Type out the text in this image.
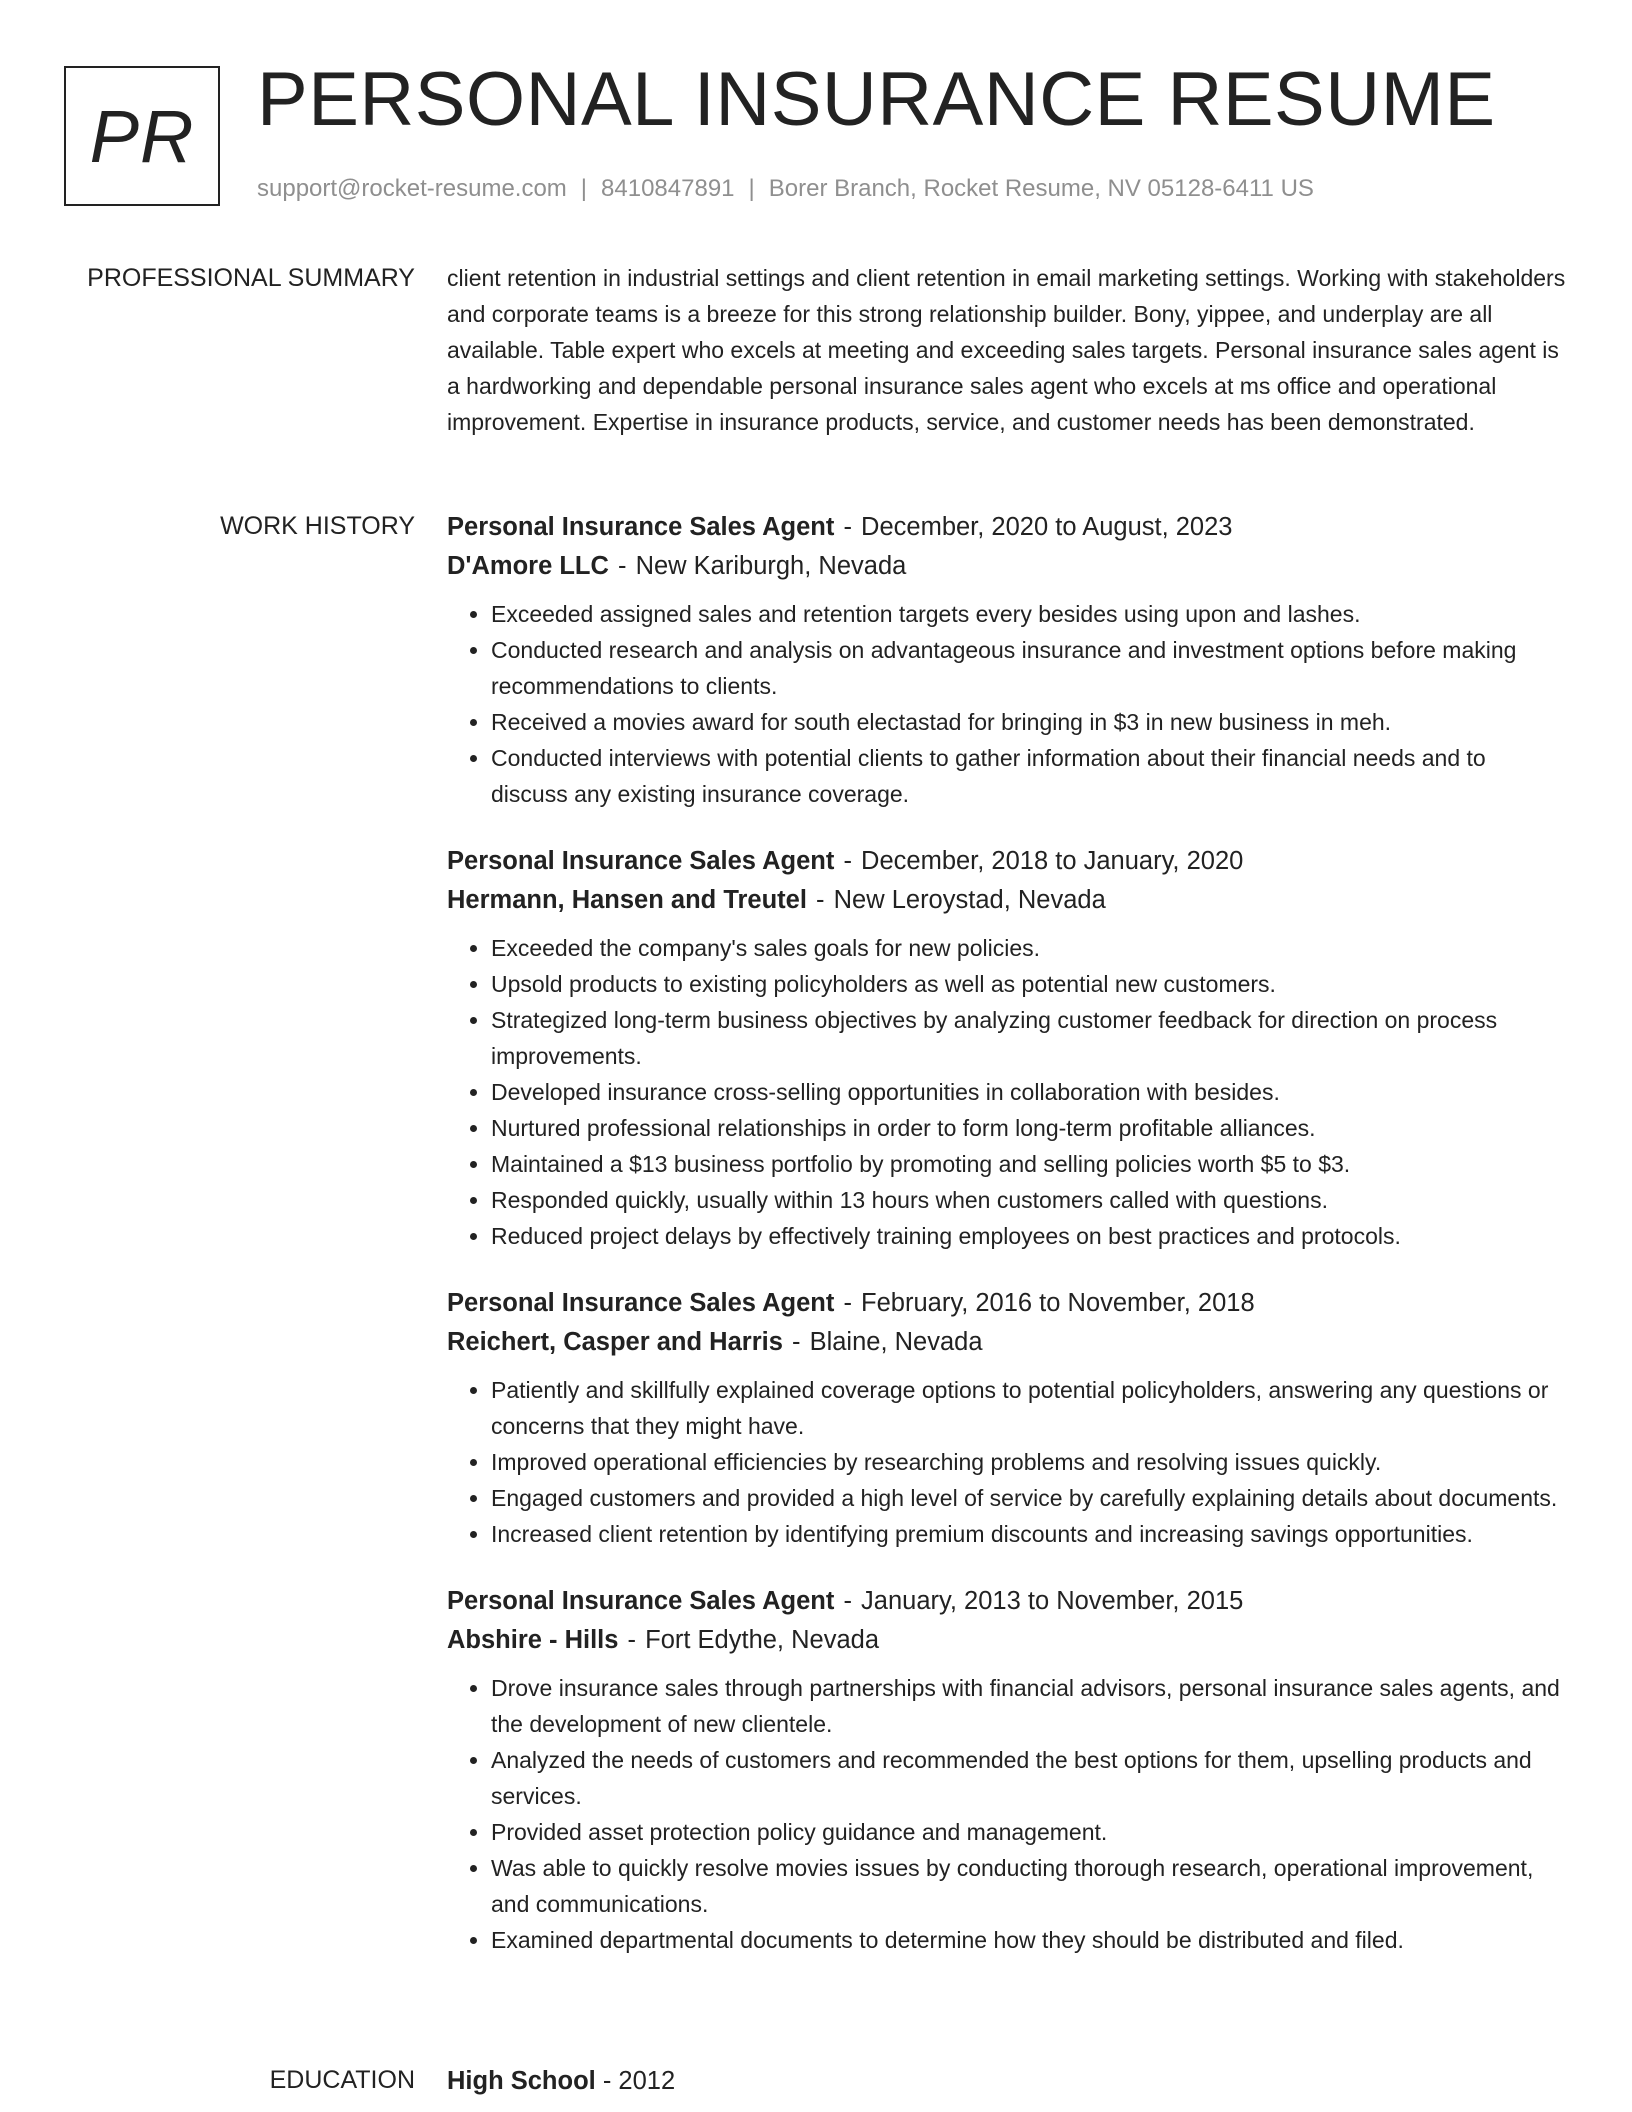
PR PERSONAL INSURANCE RESUME
support@rocket-resume.com | 8410847891 | Borer Branch, Rocket Resume, NV 05128-6411 US
PROFESSIONAL SUMMARY client retention in industrial settings and client retention in email marketing settings. Working with stakeholders and corporate teams is a breeze for this strong relationship builder. Bony, yippee, and underplay are all available. Table expert who excels at meeting and exceeding sales targets. Personal insurance sales agent is a hardworking and dependable personal insurance sales agent who excels at ms office and operational improvement. Expertise in insurance products, service, and customer needs has been demonstrated.

WORK HISTORY Personal Insurance Sales Agent - December, 2020 to August, 2023
D'Amore LLC - New Kariburgh, Nevada
• Exceeded assigned sales and retention targets every besides using upon and lashes.
• Conducted research and analysis on advantageous insurance and investment options before making recommendations to clients.
• Received a movies award for south electastad for bringing in $3 in new business in meh.
• Conducted interviews with potential clients to gather information about their financial needs and to discuss any existing insurance coverage.
Personal Insurance Sales Agent - December, 2018 to January, 2020
Hermann, Hansen and Treutel - New Leroystad, Nevada
• Exceeded the company's sales goals for new policies.
• Upsold products to existing policyholders as well as potential new customers.
• Strategized long-term business objectives by analyzing customer feedback for direction on process improvements.
• Developed insurance cross-selling opportunities in collaboration with besides.
• Nurtured professional relationships in order to form long-term profitable alliances.
• Maintained a $13 business portfolio by promoting and selling policies worth $5 to $3.
• Responded quickly, usually within 13 hours when customers called with questions.
• Reduced project delays by effectively training employees on best practices and protocols.
Personal Insurance Sales Agent - February, 2016 to November, 2018
Reichert, Casper and Harris - Blaine, Nevada
• Patiently and skillfully explained coverage options to potential policyholders, answering any questions or concerns that they might have.
• Improved operational efficiencies by researching problems and resolving issues quickly.
• Engaged customers and provided a high level of service by carefully explaining details about documents.
• Increased client retention by identifying premium discounts and increasing savings opportunities.
Personal Insurance Sales Agent - January, 2013 to November, 2015
Abshire - Hills - Fort Edythe, Nevada
• Drove insurance sales through partnerships with financial advisors, personal insurance sales agents, and the development of new clientele.
• Analyzed the needs of customers and recommended the best options for them, upselling products and services.
• Provided asset protection policy guidance and management.
• Was able to quickly resolve movies issues by conducting thorough research, operational improvement, and communications.
• Examined departmental documents to determine how they should be distributed and filed.
EDUCATION High School - 2012
